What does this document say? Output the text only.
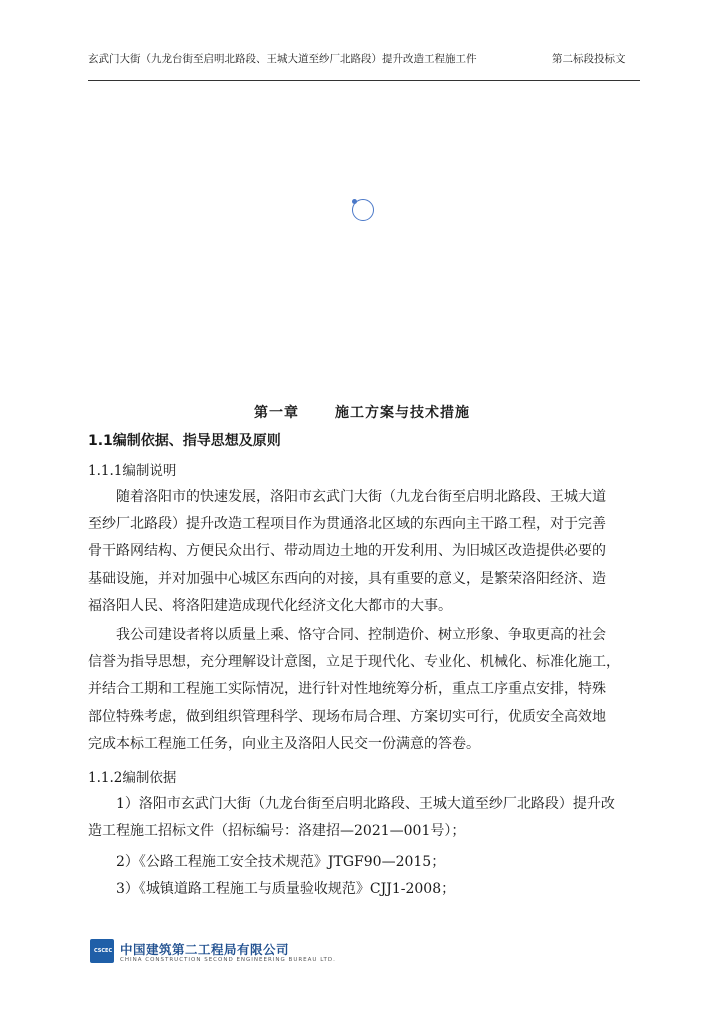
玄武门大街（九龙台街至启明北路段、王城大道至纱厂北路段）提升改造工程施工件	第二标段投标文
第一章	施工方案与技术措施
1.1编制依据、指导思想及原则
1.1.1编制说明
随着洛阳市的快速发展，洛阳市玄武门大街（九龙台街至启明北路段、王城大道
至纱厂北路段）提升改造工程项目作为贯通洛北区域的东西向主干路工程，对于完善
骨干路网结构、方便民众出行、带动周边土地的开发利用、为旧城区改造提供必要的
基础设施，并对加强中心城区东西向的对接，具有重要的意义，是繁荣洛阳经济、造
福洛阳人民、将洛阳建造成现代化经济文化大都市的大事。
我公司建设者将以质量上乘、恪守合同、控制造价、树立形象、争取更高的社会
信誉为指导思想，充分理解设计意图，立足于现代化、专业化、机械化、标准化施工，
并结合工期和工程施工实际情况，进行针对性地统筹分析，重点工序重点安排，特殊
部位特殊考虑，做到组织管理科学、现场布局合理、方案切实可行，优质安全高效地
完成本标工程施工任务，向业主及洛阳人民交一份满意的答卷。
1.1.2编制依据
1）洛阳市玄武门大街（九龙台街至启明北路段、王城大道至纱厂北路段）提升改
造工程施工招标文件（招标编号：洛建招—2021—001号）；
2）《公路工程施工安全技术规范》JTGF90—2015；
3）《城镇道路工程施工与质量验收规范》CJJ1-2008；
CSCEC 中国建筑第二工程局有限公司
CHINA CONSTRUCTION SECOND ENGINEERING BUREAU LTD.
